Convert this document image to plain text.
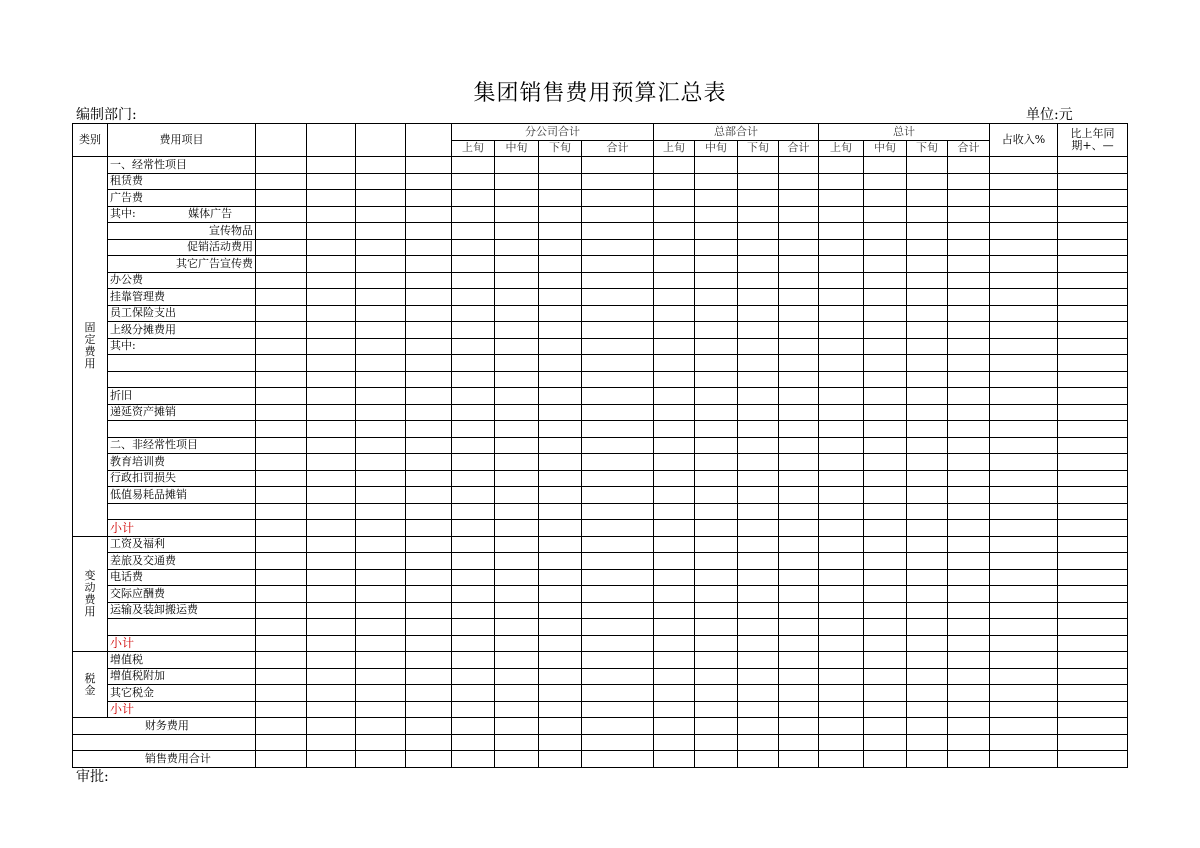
集团销售费用预算汇总表
编制部门:	单位:元
类别	费用项目					分公司合计				总部合计				总计				占收入%	比上年同
期+、—

						上旬	中旬	下旬	合计	上旬	中旬	下旬	合计	上旬	中旬	下旬	合计		
固定费用	一、经常性项目																		
	租赁费																		
	广告费																		
	其中:               媒体广告																		
	宣传物品																		
	促销活动费用																		
	其它广告宣传费																		
	办公费																		
	挂靠管理费																		
	员工保险支出																		
	上级分摊费用																		
	其中:																		

	折旧																		
	递延资产摊销																		

	二、非经常性项目																		
	教育培训费																		
	行政扣罚损失																		
	低值易耗品摊销																		

	小计																		
变动费用	工资及福利																		
	差旅及交通费																		
	电话费																		
	交际应酬费																		
	运输及装卸搬运费																		

	小计																		
税金	增值税																		
	增值税附加																		
	其它税金																		
	小计																		
财务费用																			

销售费用合计																			
审批:
